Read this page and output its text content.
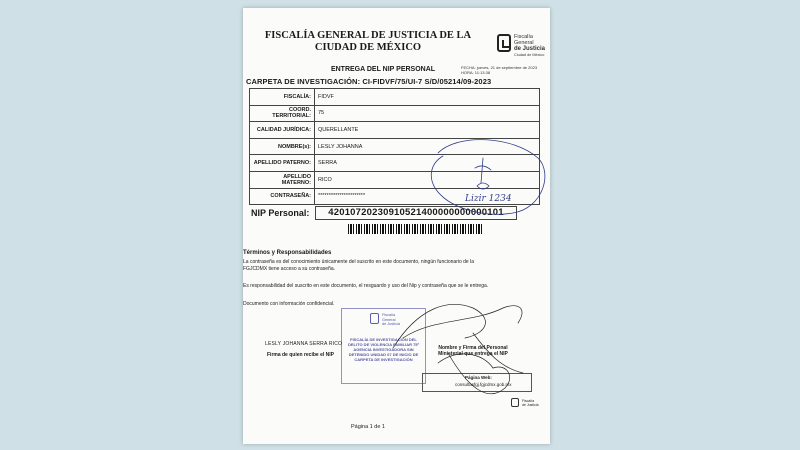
FISCALÍA GENERAL DE JUSTICIA DE LA
CIUDAD DE MÉXICO
Fiscalía
General
de Justicia
Ciudad de México
FECHA: jueves, 21 de septiembre de 2023
HORA: 11:13:38
ENTREGA DEL NIP PERSONAL
CARPETA DE INVESTIGACIÓN: CI-FIDVF/75/UI-7 S/D/05214/09-2023
FISCALÍA:	FIDVF
COORD. TERRITORIAL:	75
CALIDAD JURÍDICA:	QUERELLANTE
NOMBRE(s):	LESLY JOHANNA
APELLIDO PATERNO:	SERRA
APELLIDO MATERNO:	RICO
CONTRASEÑA:	**********************
NIP Personal:	42010720230910521400000000000101
Términos y Responsabilidades
La contraseña es del conocimiento únicamente del suscrito en este documento, ningún funcionario de la FGJCDMX tiene acceso a su contraseña.
Es responsabilidad del suscrito en este documento, el resguardo y uso del Nip y contraseña que se le entrega.
Documento con información confidencial.
Fiscalía
General
de Justicia
FISCALÍA DE INVESTIGACIÓN DEL DELITO DE VIOLENCIA FAMILIAR 75ª AGENCIA INVESTIGADORA SIN DETENIDO UNIDAD 07 DE INICIO DE CARPETA DE INVESTIGACIÓN
LESLY JOHANNA SERRA RICO
Firma de quien recibe el NIP
Nombre y Firma del Personal Ministerial que entrega el NIP
Página Web:
consultasfgj.fgjcdmx.gob.mx
Fiscalía
de Justicia
Página 1 de 1
Lizir 1234
